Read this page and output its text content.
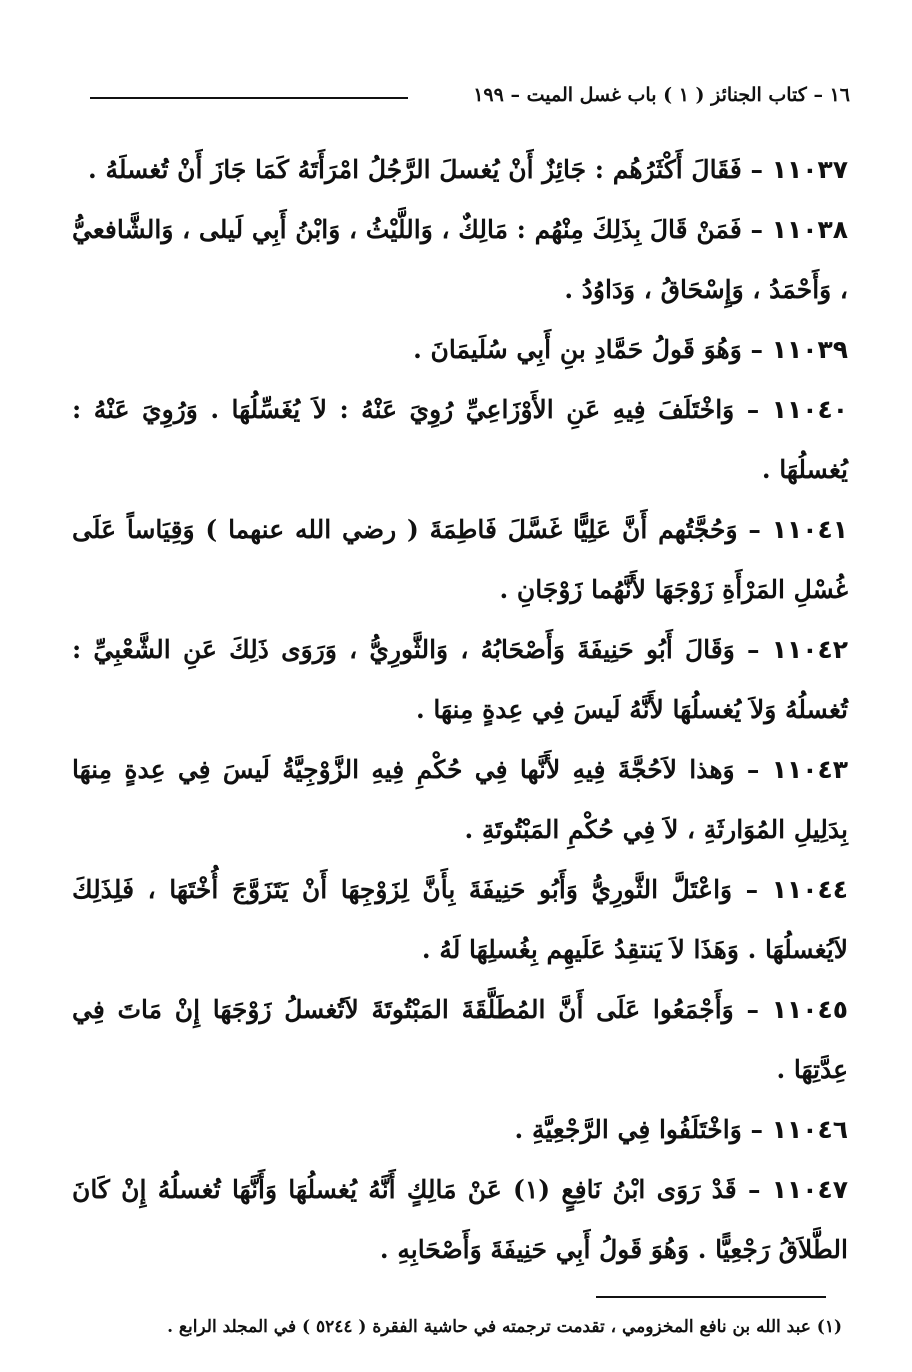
١٦ – كتاب الجنائز ( ١ ) باب غسل الميت – ١٩٩

١١٠٣٧ – فَقَالَ أَكْثَرُهُم : جَائِزٌ أَنْ يُغسلَ الرَّجُلُ امْرَأَتَهُ كَمَا جَازَ أَنْ تُغسلَهُ .

١١٠٣٨ – فَمَنْ قَالَ بِذَلِكَ مِنْهُم : مَالِكٌ ، وَاللَّيْثُ ، وَابْنُ أَبِي لَيلى ، وَالشَّافعيُّ ، وَأَحْمَدُ ، وَإِسْحَاقُ ، وَدَاوُدُ .

١١٠٣٩ – وَهُوَ قَولُ حَمَّادِ بنِ أَبِي سُلَيمَانَ .

١١٠٤٠ – وَاخْتَلَفَ فِيهِ عَنِ الأَوْزَاعِيِّ رُوِيَ عَنْهُ : لاَ يُغَسِّلُهَا . وَرُوِيَ عَنْهُ : يُغسلُهَا .

١١٠٤١ – وَحُجَّتُهم أَنَّ عَلِيًّا غَسَّلَ فَاطِمَةَ ( رضي الله عنهما ) وَقِيَاساً عَلَى غُسْلِ المَرْأَةِ زَوْجَهَا لأَنَّهُما زَوْجَانِ .

١١٠٤٢ – وَقَالَ أَبُو حَنِيفَةَ وَأَصْحَابُهُ ، وَالثَّورِيُّ ، وَرَوَى ذَلِكَ عَنِ الشَّعْبِيِّ : تُغسلُهُ وَلاَ يُغسلُهَا لأَنَّهُ لَيسَ فِي عِدةٍ مِنهَا .

١١٠٤٣ – وَهذا لاَحُجَّةَ فِيهِ لأَنَّها فِي حُكْمِ فِيهِ الزَّوْجِيَّةُ لَيسَ فِي عِدةٍ مِنهَا بِدَلِيلِ المُوَارثَةِ ، لاَ فِي حُكْمِ المَبْتُوتَةِ .

١١٠٤٤ – وَاعْتَلَّ الثَّورِيُّ وَأَبُو حَنِيفَةَ بِأَنَّ لِزَوْجِهَا أَنْ يَتَزَوَّجَ أُخْتَهَا ، فَلِذَلِكَ لاَيُغسلُهَا . وَهَذَا لاَ يَنتقِدُ عَلَيهِم بِغُسلِهَا لَهُ .

١١٠٤٥ – وَأَجْمَعُوا عَلَى أَنَّ المُطَلَّقَةَ المَبْتُوتَةَ لاَتُغسلُ زَوْجَهَا إِنْ مَاتَ فِي عِدَّتِهَا .

١١٠٤٦ – وَاخْتَلَفُوا فِي الرَّجْعِيَّةِ .

١١٠٤٧ – قَدْ رَوَى ابْنُ نَافِعٍ (١) عَنْ مَالِكٍ أَنَّهُ يُغسلُهَا وَأَنَّهَا تُغسلُهُ إِنْ كَانَ الطَّلاَقُ رَجْعِيًّا . وَهُوَ قَولُ أَبِي حَنِيفَةَ وَأَصْحَابِهِ .

(١) عبد الله بن نافع المخزومي ، تقدمت ترجمته في حاشية الفقرة ( ٥٢٤٤ ) في المجلد الرابع .
